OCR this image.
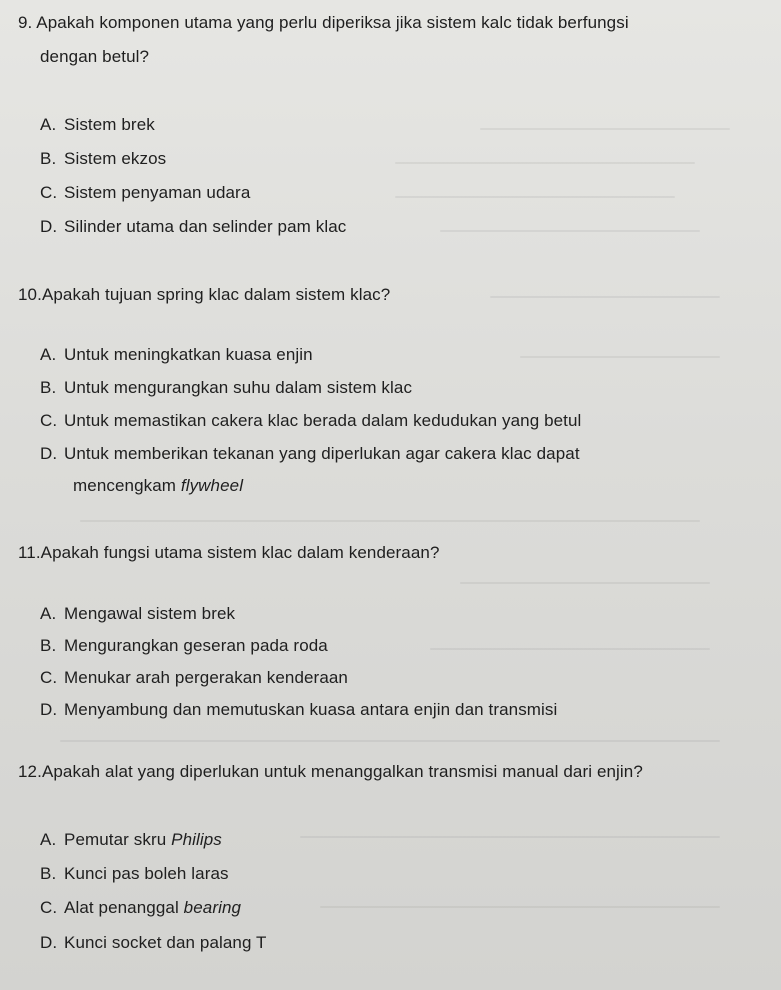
9. Apakah komponen utama yang perlu diperiksa jika sistem kalc tidak berfungsi
dengan betul?
A. Sistem brek
B. Sistem ekzos
C. Sistem penyaman udara
D. Silinder utama dan selinder pam klac
10.Apakah tujuan spring klac dalam sistem klac?
A. Untuk meningkatkan kuasa enjin
B. Untuk mengurangkan suhu dalam sistem klac
C. Untuk memastikan cakera klac berada dalam kedudukan yang betul
D. Untuk memberikan tekanan yang diperlukan agar cakera klac dapat
mencengkam flywheel
11.Apakah fungsi utama sistem klac dalam kenderaan?
A. Mengawal sistem brek
B. Mengurangkan geseran pada roda
C. Menukar arah pergerakan kenderaan
D. Menyambung dan memutuskan kuasa antara enjin dan transmisi
12.Apakah alat yang diperlukan untuk menanggalkan transmisi manual dari enjin?
A. Pemutar skru Philips
B. Kunci pas boleh laras
C. Alat penanggal bearing
D. Kunci socket dan palang T
